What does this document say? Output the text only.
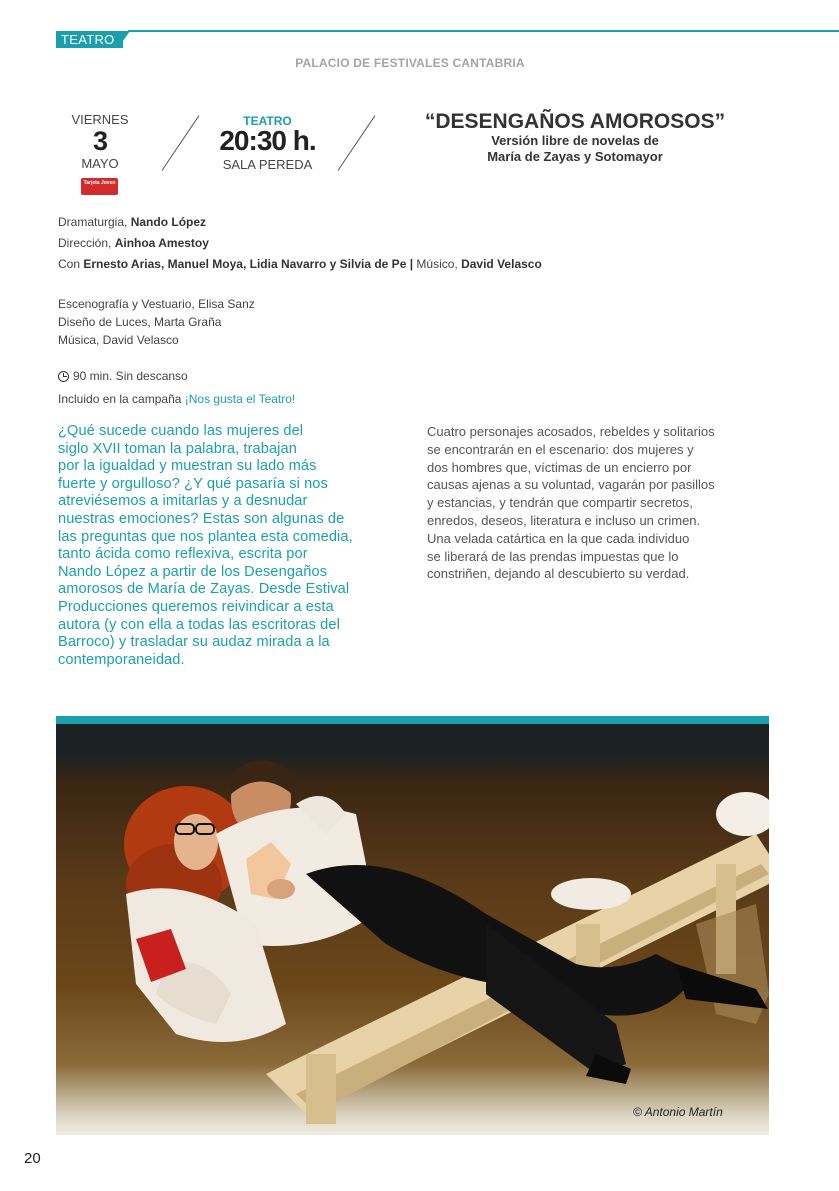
TEATRO
PALACIO DE FESTIVALES CANTABRIA
VIERNES
3
MAYO
Tarjeta Joven
TEATRO
20:30 h.
SALA PEREDA
“DESENGAÑOS AMOROSOS”
Versión libre de novelas de
María de Zayas y Sotomayor
Dramaturgia, Nando López
Dirección, Ainhoa Amestoy
Con Ernesto Arias, Manuel Moya, Lidia Navarro y Silvia de Pe | Músico, David Velasco
Escenografía y Vestuario, Elisa Sanz
Diseño de Luces, Marta Graña
Música, David Velasco
90 min. Sin descanso
Incluido en la campaña ¡Nos gusta el Teatro!
¿Qué sucede cuando las mujeres del
siglo XVII toman la palabra, trabajan
por la igualdad y muestran su lado más
fuerte y orgulloso? ¿Y qué pasaría si nos
atreviésemos a imitarlas y a desnudar
nuestras emociones? Estas son algunas de
las preguntas que nos plantea esta comedia,
tanto ácida como reflexiva, escrita por
Nando López a partir de los Desengaños
amorosos de María de Zayas. Desde Estival
Producciones queremos reivindicar a esta
autora (y con ella a todas las escritoras del
Barroco) y trasladar su audaz mirada a la
contemporaneidad.
Cuatro personajes acosados, rebeldes y solitarios
se encontrarán en el escenario: dos mujeres y
dos hombres que, víctimas de un encierro por
causas ajenas a su voluntad, vagarán por pasillos
y estancias, y tendrán que compartir secretos,
enredos, deseos, literatura e incluso un crimen.
Una velada catártica en la que cada individuo
se liberará de las prendas impuestas que lo
constriñen, dejando al descubierto su verdad.
© Antonio Martín
20
